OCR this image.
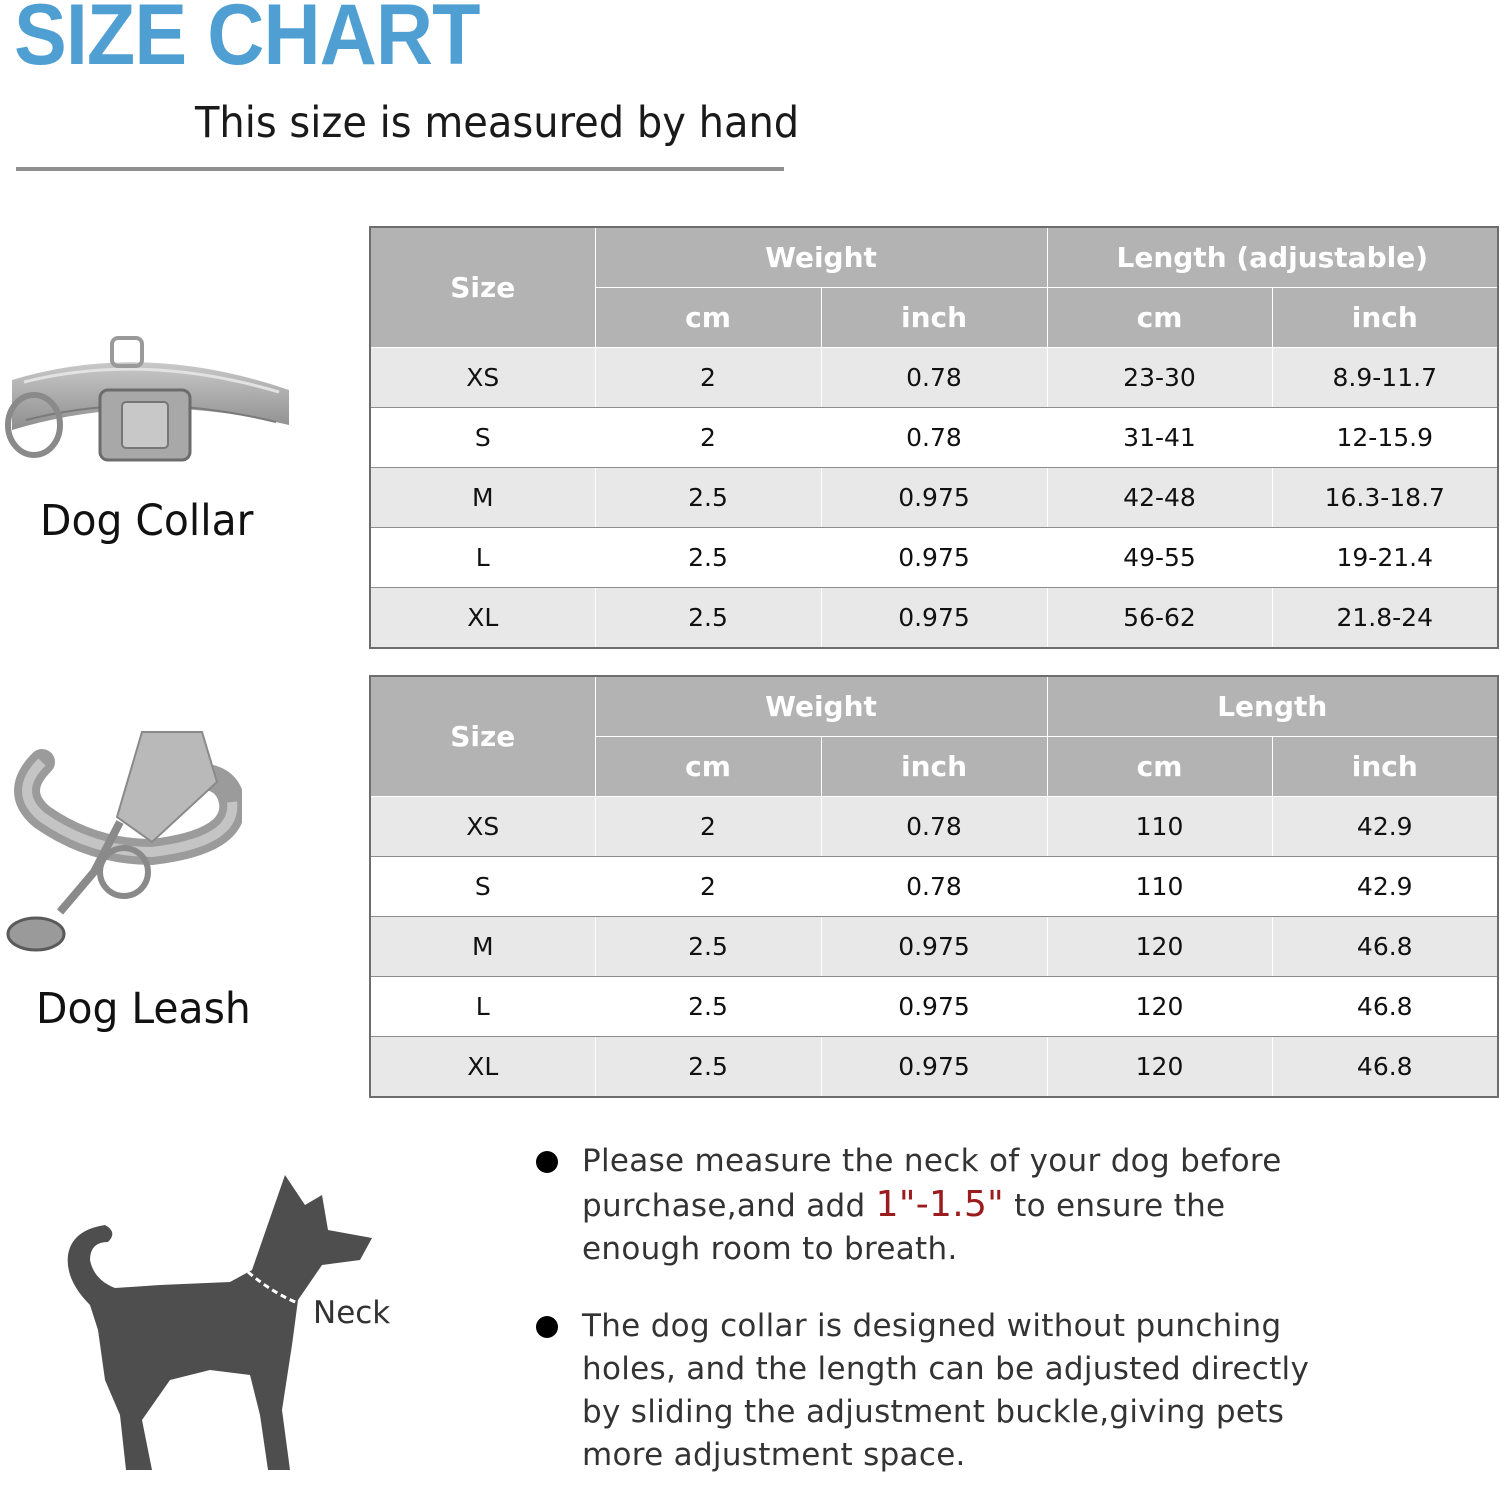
SIZE CHART
This size is measured by hand
Dog Collar
Size	Weight		Length (adjustable)	
	cm	inch	cm	inch
XS	2	0.78	23-30	8.9-11.7
S	2	0.78	31-41	12-15.9
M	2.5	0.975	42-48	16.3-18.7
L	2.5	0.975	49-55	19-21.4
XL	2.5	0.975	56-62	21.8-24
Dog Leash
Size	Weight		Length	
	cm	inch	cm	inch
XS	2	0.78	110	42.9
S	2	0.78	110	42.9
M	2.5	0.975	120	46.8
L	2.5	0.975	120	46.8
XL	2.5	0.975	120	46.8
Neck
Please measure the neck of your dog before purchase,and add 1"-1.5" to ensure the enough room to breath.
The dog collar is designed without punching holes, and the length can be adjusted directly by sliding the adjustment buckle,giving pets more adjustment space.
